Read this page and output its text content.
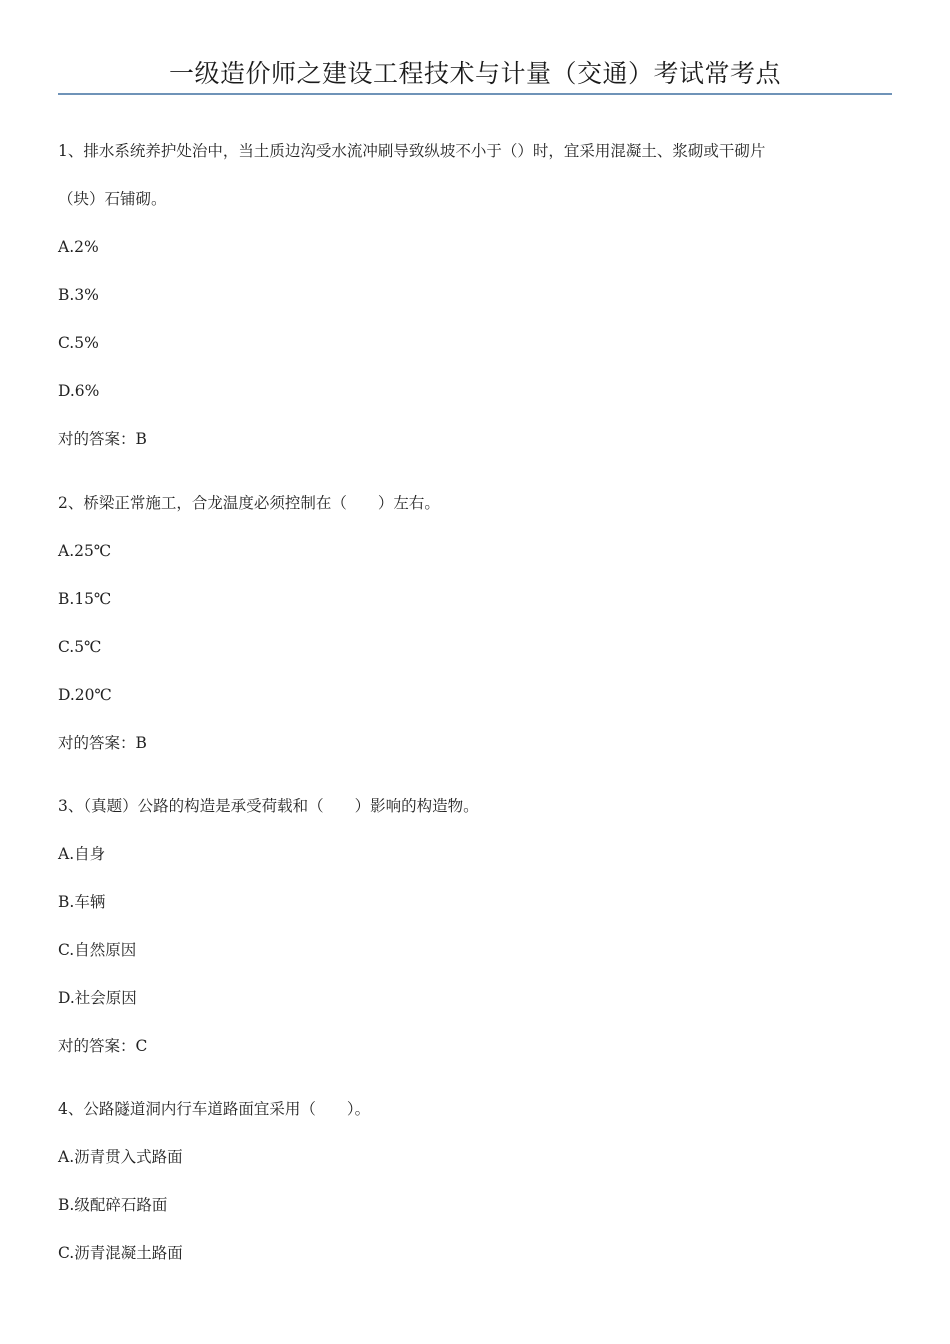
一级造价师之建设工程技术与计量（交通）考试常考点
1、排水系统养护处治中，当土质边沟受水流冲刷导致纵坡不小于（）时，宜采用混凝土、浆砌或干砌片
（块）石铺砌。
A.2%
B.3%
C.5%
D.6%
对的答案：B
2、桥梁正常施工，合龙温度必须控制在（　　）左右。
A.25℃
B.15℃
C.5℃
D.20℃
对的答案：B
3、（真题）公路的构造是承受荷载和（　　）影响的构造物。
A.自身
B.车辆
C.自然原因
D.社会原因
对的答案：C
4、公路隧道洞内行车道路面宜采用（　　）。
A.沥青贯入式路面
B.级配碎石路面
C.沥青混凝土路面
